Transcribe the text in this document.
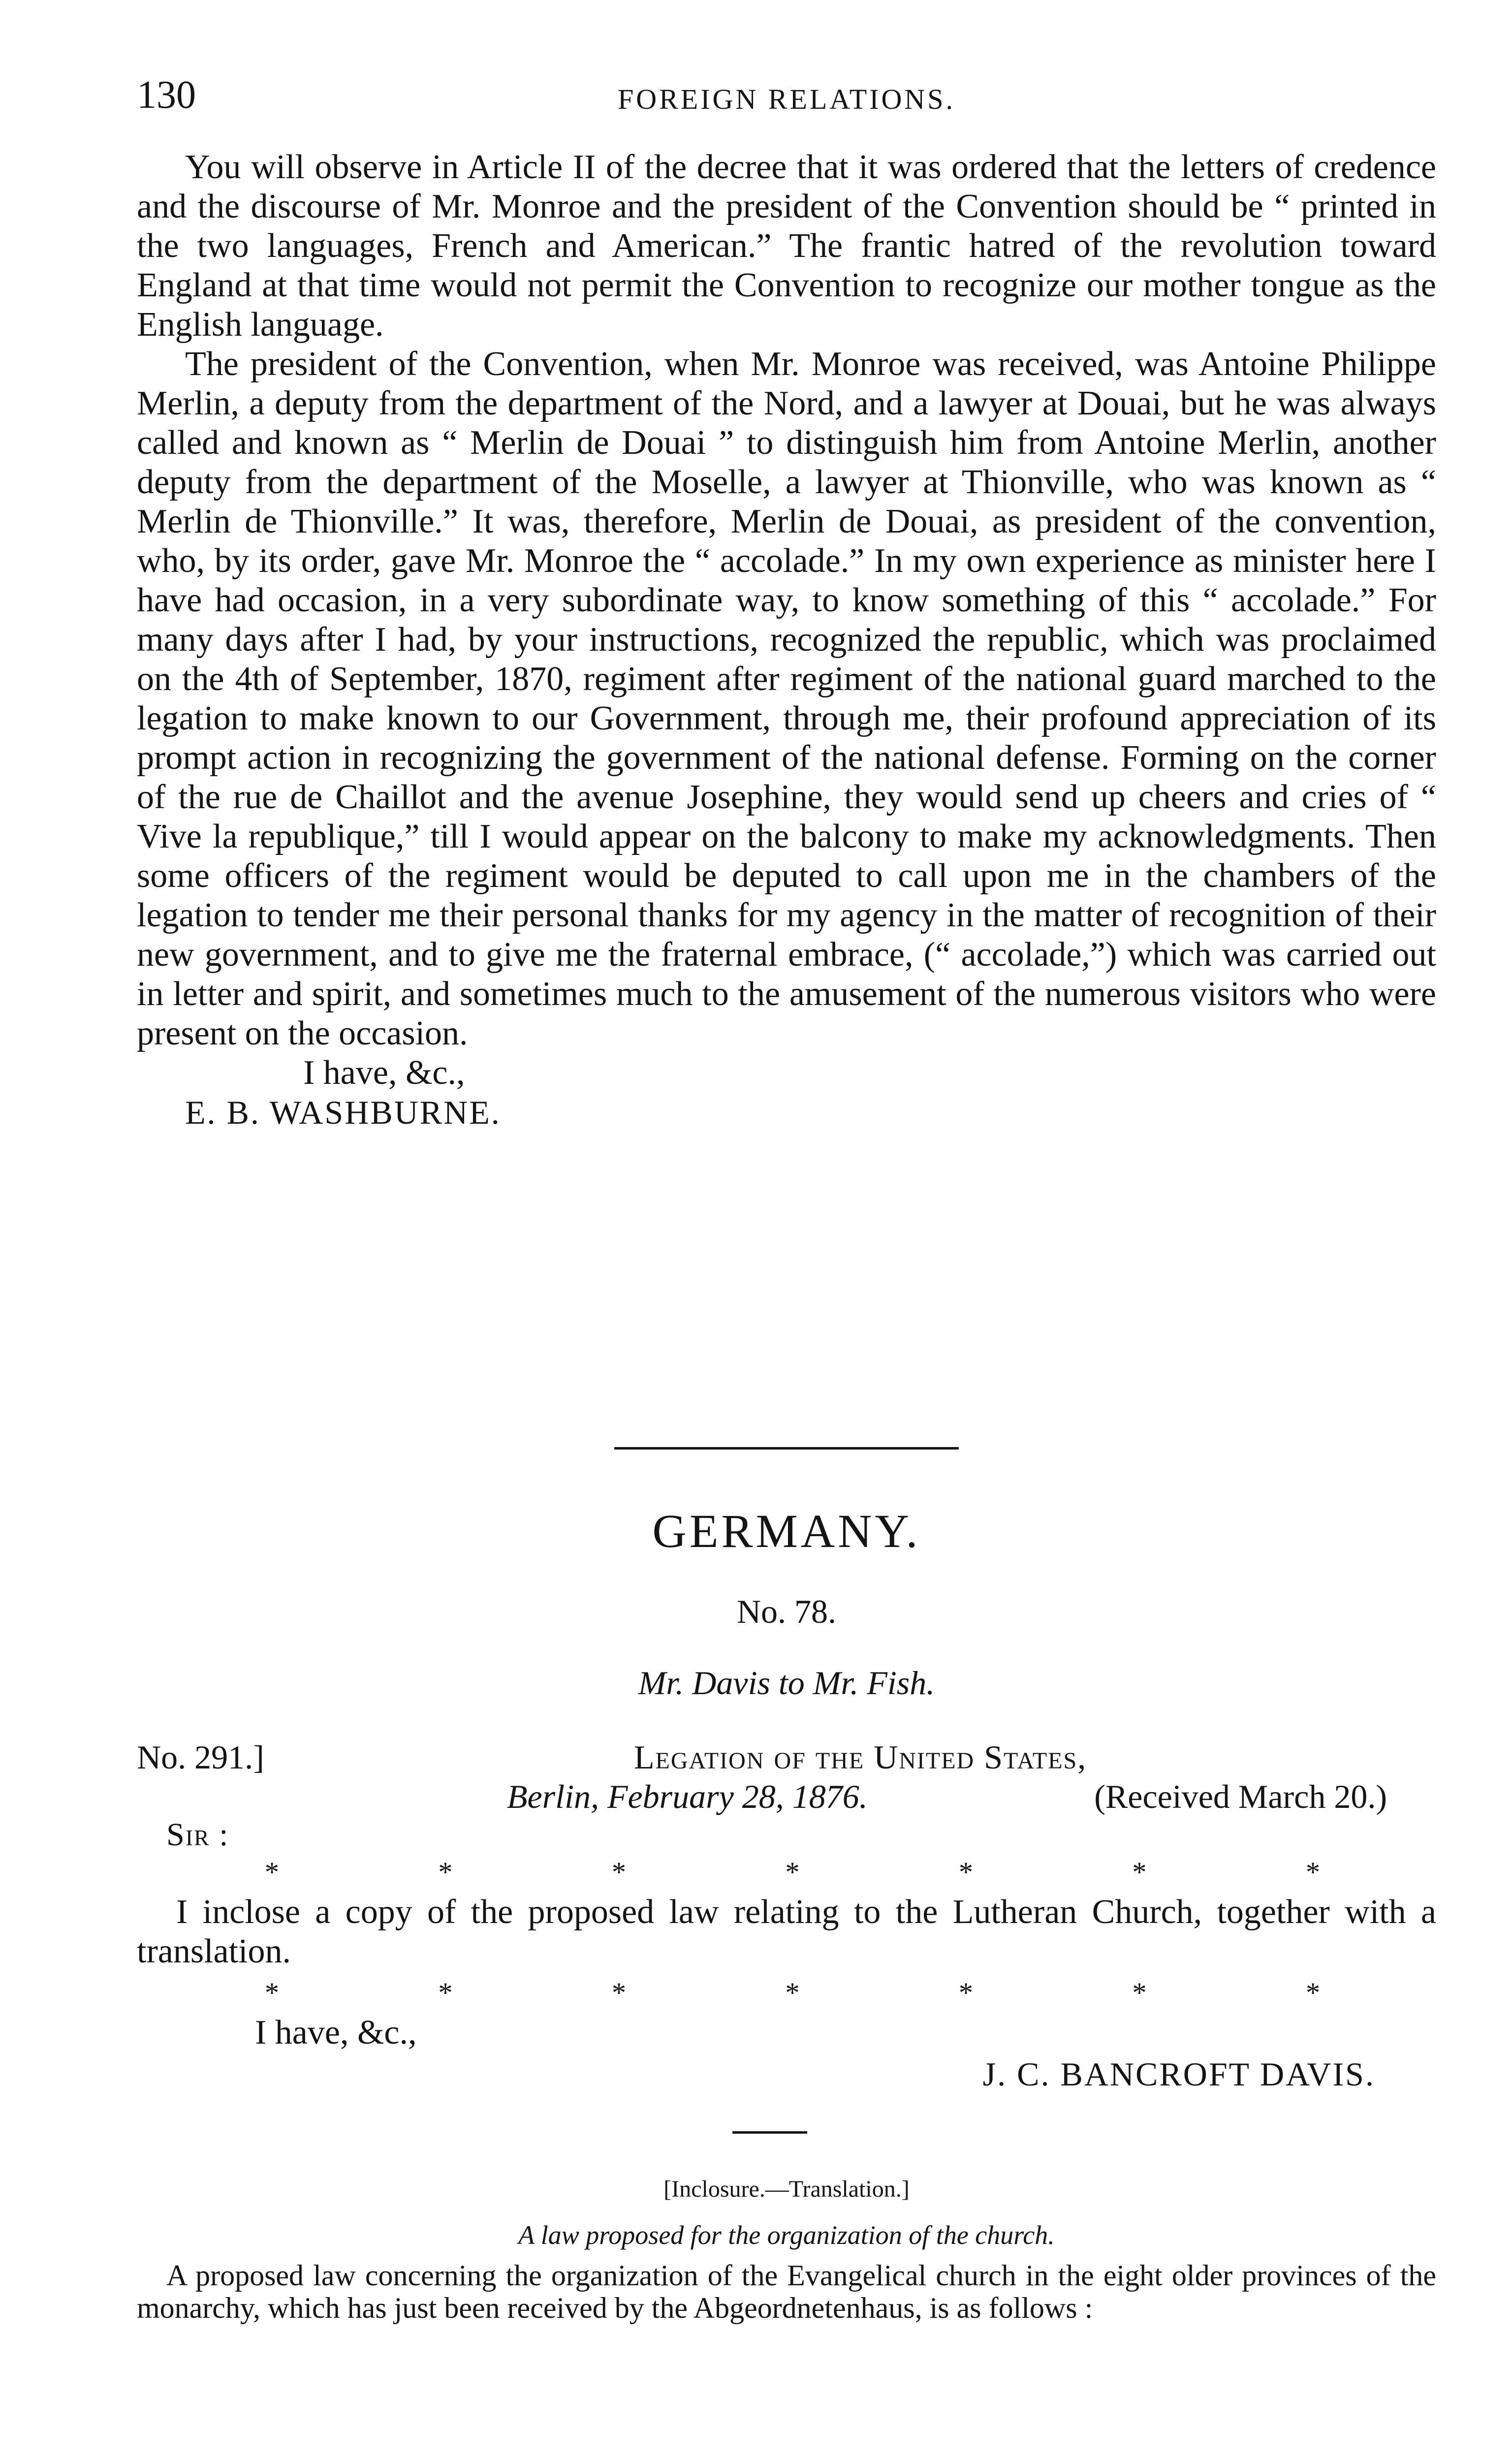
130	FOREIGN RELATIONS.

You will observe in Article II of the decree that it was ordered that the letters of credence and the discourse of Mr. Monroe and the president of the Convention should be “ printed in the two languages, French and American.” The frantic hatred of the revolution toward England at that time would not permit the Convention to recognize our mother tongue as the English language.

The president of the Convention, when Mr. Monroe was received, was Antoine Philippe Merlin, a deputy from the department of the Nord, and a lawyer at Douai, but he was always called and known as “ Merlin de Douai ” to distinguish him from Antoine Merlin, another deputy from the department of the Moselle, a lawyer at Thionville, who was known as “ Merlin de Thionville.” It was, therefore, Merlin de Douai, as president of the convention, who, by its order, gave Mr. Monroe the “ accolade.” In my own experience as minister here I have had occasion, in a very subordinate way, to know something of this “ accolade.” For many days after I had, by your instructions, recognized the republic, which was proclaimed on the 4th of September, 1870, regiment after regiment of the national guard marched to the legation to make known to our Government, through me, their profound appreciation of its prompt action in recognizing the government of the national defense. Forming on the corner of the rue de Chaillot and the avenue Josephine, they would send up cheers and cries of “ Vive la republique,” till I would appear on the balcony to make my acknowledgments. Then some officers of the regiment would be deputed to call upon me in the chambers of the legation to tender me their personal thanks for my agency in the matter of recognition of their new government, and to give me the fraternal embrace, (“ accolade,”) which was carried out in letter and spirit, and sometimes much to the amusement of the numerous visitors who were present on the occasion.

I have, &c.,

E. B. WASHBURNE.

GERMANY.
No. 78.
Mr. Davis to Mr. Fish.
No. 291.]	Legation of the United States,
Berlin, February 28, 1876.	(Received March 20.)
Sir :
*	*	*	*	*	*	*

I inclose a copy of the proposed law relating to the Lutheran Church, together with a translation.

*	*	*	*	*	*	*
I have, &c.,
J. C. BANCROFT DAVIS.
[Inclosure.—Translation.]
A law proposed for the organization of the church.

A proposed law concerning the organization of the Evangelical church in the eight older provinces of the monarchy, which has just been received by the Abgeordnetenhaus, is as follows :
